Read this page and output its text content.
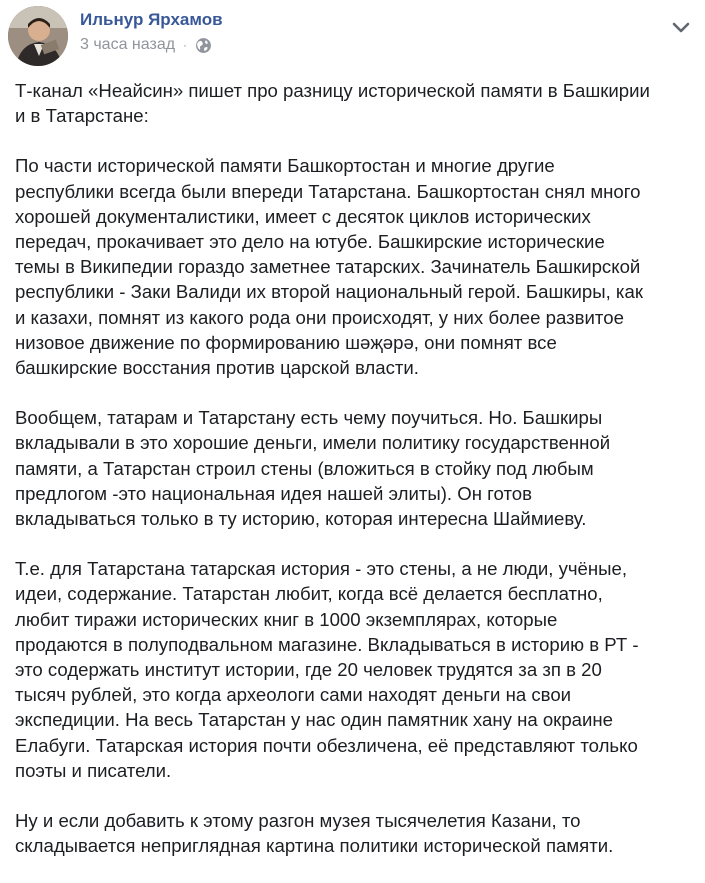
Ильнур Ярхамов
3 часа назад ·

Т-канал «Неайсин» пишет про разницу исторической памяти в Башкирии
и в Татарстане:

По части исторической памяти Башкортостан и многие другие
республики всегда были впереди Татарстана. Башкортостан снял много
хорошей документалистики, имеет с десяток циклов исторических
передач, прокачивает это дело на ютубе. Башкирские исторические
темы в Википедии гораздо заметнее татарских. Зачинатель Башкирской
республики - Заки Валиди их второй национальный герой. Башкиры, как
и казахи, помнят из какого рода они происходят, у них более развитое
низовое движение по формированию шәҗәрә, они помнят все
башкирские восстания против царской власти.

Вообщем, татарам и Татарстану есть чему поучиться. Но. Башкиры
вкладывали в это хорошие деньги, имели политику государственной
памяти, а Татарстан строил стены (вложиться в стойку под любым
предлогом -это национальная идея нашей элиты). Он готов
вкладываться только в ту историю, которая интересна Шаймиеву.

Т.е. для Татарстана татарская история - это стены, а не люди, учёные,
идеи, содержание. Татарстан любит, когда всё делается бесплатно,
любит тиражи исторических книг в 1000 экземплярах, которые
продаются в полуподвальном магазине. Вкладываться в историю в РТ -
это содержать институт истории, где 20 человек трудятся за зп в 20
тысяч рублей, это когда археологи сами находят деньги на свои
экспедиции. На весь Татарстан у нас один памятник хану на окраине
Елабуги. Татарская история почти обезличена, её представляют только
поэты и писатели.

Ну и если добавить к этому разгон музея тысячелетия Казани, то
складывается неприглядная картина политики исторической памяти.
